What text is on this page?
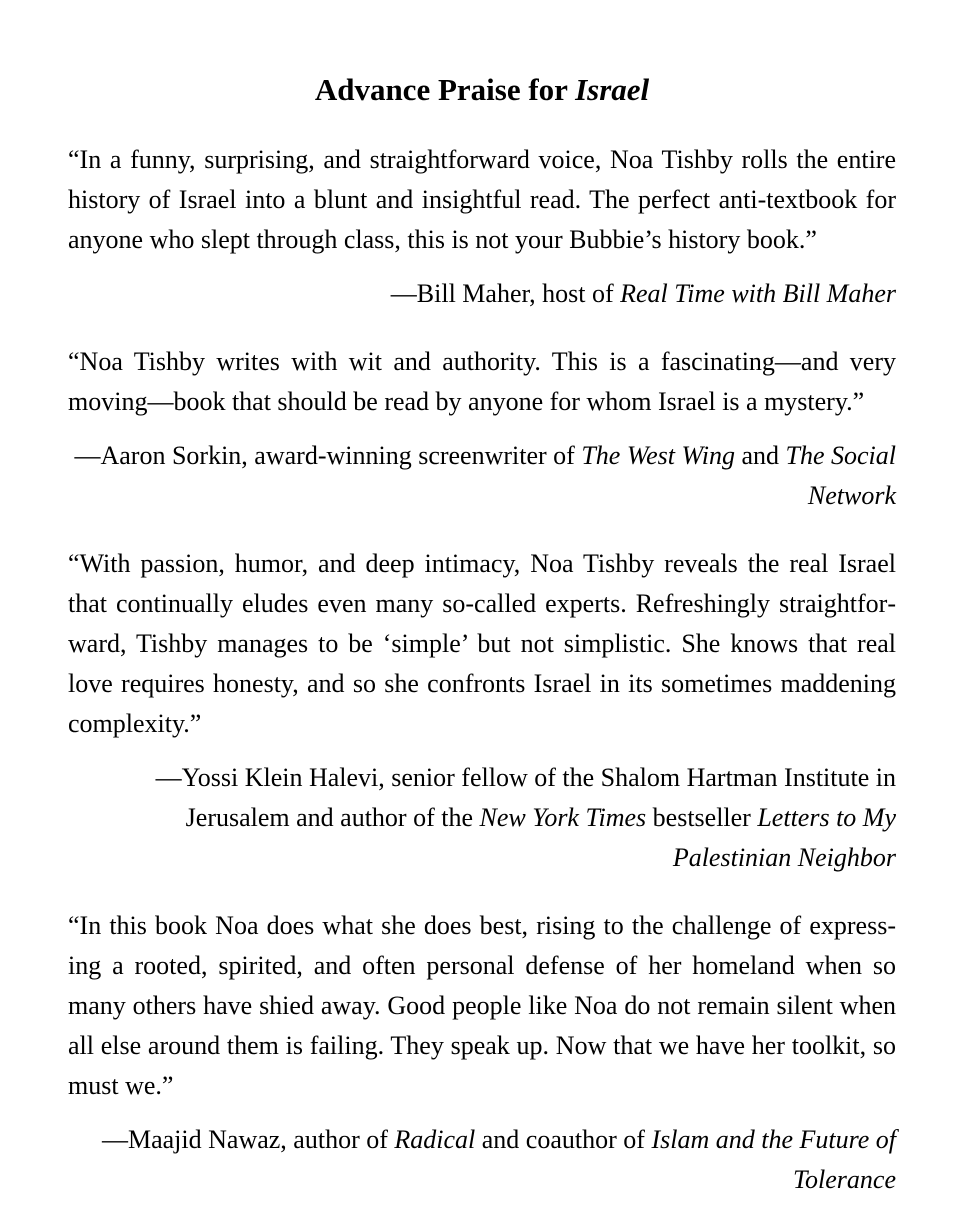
Advance Praise for Israel

“In a funny, surprising, and straightforward voice, Noa Tishby rolls the entire history of Israel into a blunt and insightful read. The perfect anti-textbook for anyone who slept through class, this is not your Bubbie’s history book.”

—Bill Maher, host of Real Time with Bill Maher

“Noa Tishby writes with wit and authority. This is a fascinating—and very moving—book that should be read by anyone for whom Israel is a mystery.”

—Aaron Sorkin, award-winning screenwriter of The West Wing and The Social Network

“With passion, humor, and deep intimacy, Noa Tishby reveals the real Israel that continually eludes even many so-called experts. Refreshingly straightforward, Tishby manages to be ‘simple’ but not simplistic. She knows that real love requires honesty, and so she confronts Israel in its sometimes maddening complexity.”

—Yossi Klein Halevi, senior fellow of the Shalom Hartman Institute in Jerusalem and author of the New York Times bestseller Letters to My Palestinian Neighbor

“In this book Noa does what she does best, rising to the challenge of expressing a rooted, spirited, and often personal defense of her homeland when so many others have shied away. Good people like Noa do not remain silent when all else around them is failing. They speak up. Now that we have her toolkit, so must we.”

—Maajid Nawaz, author of Radical and coauthor of Islam and the Future of Tolerance
